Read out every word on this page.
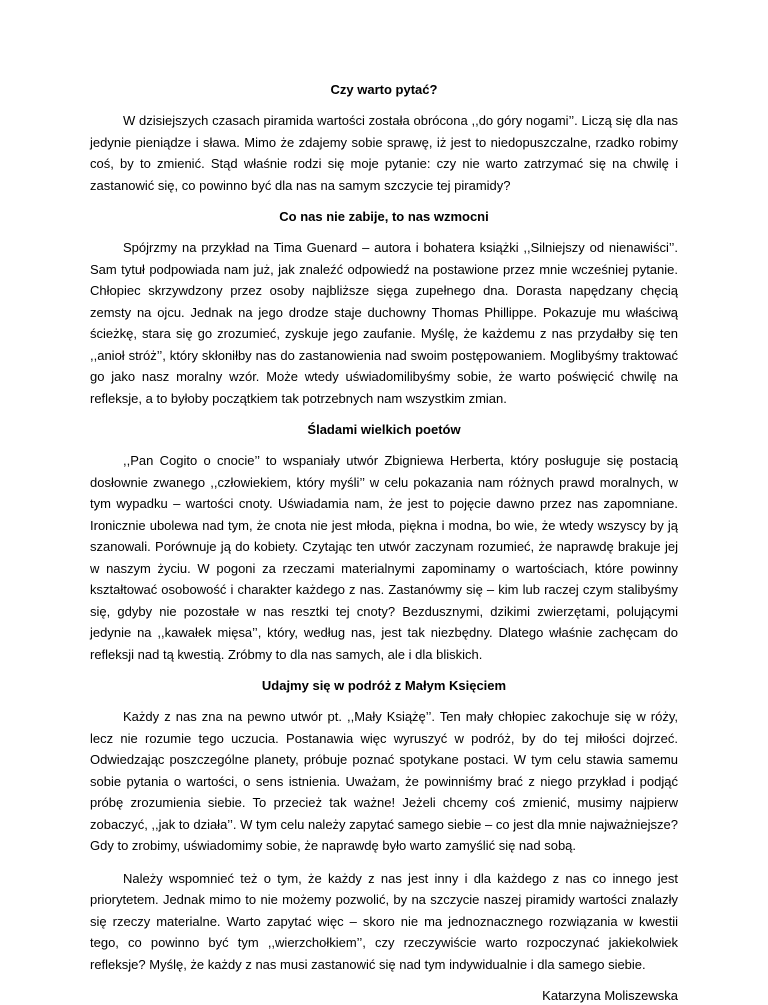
Czy warto pytać?

W dzisiejszych czasach piramida wartości została obrócona ,,do góry nogami’’. Liczą się dla nas jedynie pieniądze i sława. Mimo że zdajemy sobie sprawę, iż jest to niedopuszczalne, rzadko robimy coś, by to zmienić. Stąd właśnie rodzi się moje pytanie: czy nie warto zatrzymać się na chwilę i zastanowić się, co powinno być dla nas na samym szczycie tej piramidy?

Co nas nie zabije, to nas wzmocni

Spójrzmy na przykład na Tima Guenard – autora i bohatera książki ,,Silniejszy od nienawiści’’. Sam tytuł podpowiada nam już, jak znaleźć odpowiedź na postawione przez mnie wcześniej pytanie. Chłopiec skrzywdzony przez osoby najbliższe sięga zupełnego dna. Dorasta napędzany chęcią zemsty na ojcu. Jednak na jego drodze staje duchowny Thomas Phillippe. Pokazuje mu właściwą ścieżkę, stara się go zrozumieć, zyskuje jego zaufanie. Myślę, że każdemu z nas przydałby się ten ,,anioł stróż’’, który skłoniłby nas do zastanowienia nad swoim postępowaniem. Moglibyśmy traktować go jako nasz moralny wzór. Może wtedy uświadomilibyśmy sobie, że warto poświęcić chwilę na refleksje, a to byłoby początkiem tak potrzebnych nam wszystkim zmian.

Śladami wielkich poetów

,,Pan Cogito o cnocie’’ to wspaniały utwór Zbigniewa Herberta, który posługuje się postacią dosłownie zwanego ,,człowiekiem, który myśli’’ w celu pokazania nam różnych prawd moralnych, w tym wypadku – wartości cnoty. Uświadamia nam, że jest to pojęcie dawno przez nas zapomniane. Ironicznie ubolewa nad tym, że cnota nie jest młoda, piękna i modna, bo wie, że wtedy wszyscy by ją szanowali. Porównuje ją do kobiety. Czytając ten utwór zaczynam rozumieć, że naprawdę brakuje jej w naszym życiu. W pogoni za rzeczami materialnymi zapominamy o wartościach, które powinny kształtować osobowość i charakter każdego z nas. Zastanówmy się – kim lub raczej czym stalibyśmy się, gdyby nie pozostałe w nas resztki tej cnoty? Bezdusznymi, dzikimi zwierzętami, polującymi jedynie na ,,kawałek mięsa’’, który, według nas, jest tak niezbędny. Dlatego właśnie zachęcam do refleksji nad tą kwestią. Zróbmy to dla nas samych, ale i dla bliskich.

Udajmy się w podróż z Małym Księciem

Każdy z nas zna na pewno utwór pt. ,,Mały Książę’’. Ten mały chłopiec zakochuje się w róży, lecz nie rozumie tego uczucia. Postanawia więc wyruszyć w podróż, by do tej miłości dojrzeć. Odwiedzając poszczególne planety, próbuje poznać spotykane postaci. W tym celu stawia samemu sobie pytania o wartości, o sens istnienia. Uważam, że powinniśmy brać z niego przykład i podjąć próbę zrozumienia siebie. To przecież tak ważne! Jeżeli chcemy coś zmienić, musimy najpierw zobaczyć, ,,jak to działa’’. W tym celu należy zapytać samego siebie – co jest dla mnie najważniejsze? Gdy to zrobimy, uświadomimy sobie, że naprawdę było warto zamyślić się nad sobą.

Należy wspomnieć też o tym, że każdy z nas jest inny i dla każdego z nas co innego jest priorytetem. Jednak mimo to nie możemy pozwolić, by na szczycie naszej piramidy wartości znalazły się rzeczy materialne. Warto zapytać więc – skoro nie ma jednoznacznego rozwiązania w kwestii tego, co powinno być tym ,,wierzchołkiem’’, czy rzeczywiście warto rozpoczynać jakiekolwiek refleksje? Myślę, że każdy z nas musi zastanowić się nad tym indywidualnie i dla samego siebie.

Katarzyna Moliszewska
